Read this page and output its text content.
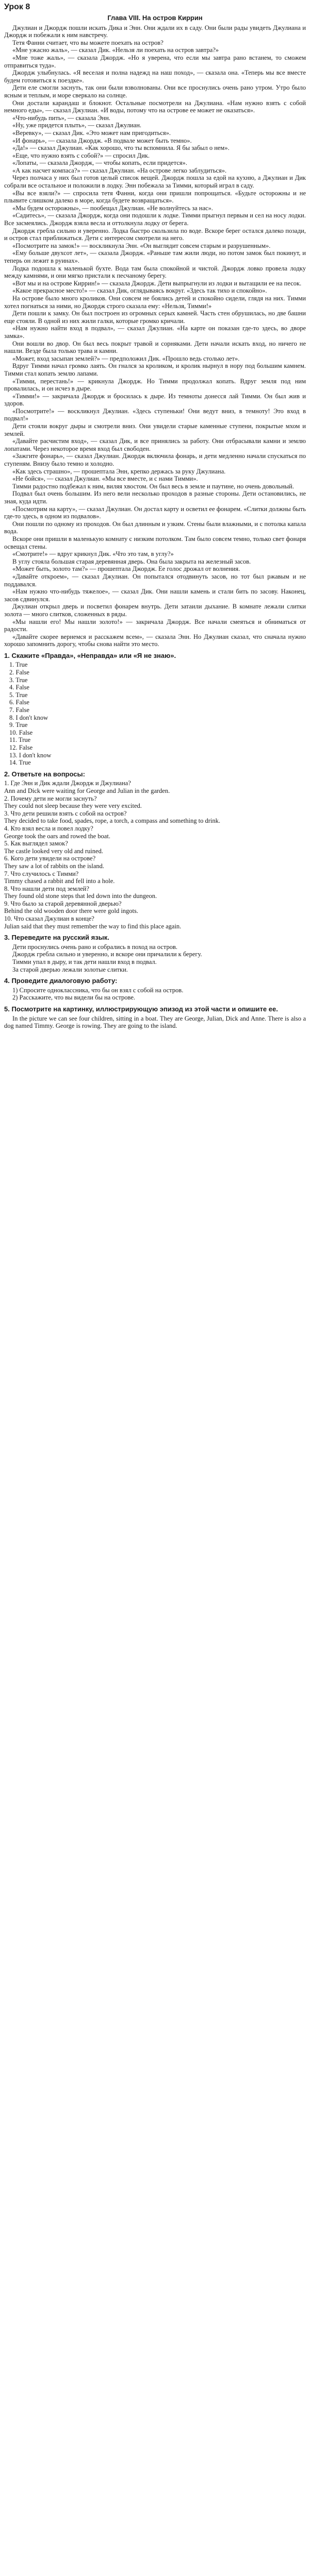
Урок 8
Глава VIII. На остров Киррин

Джулиан и Джордж пошли искать Дика и Энн. Они ждали их в саду. Они были рады увидеть Джулиана и Джордж и побежали к ним навстречу.

Тетя Фанни считает, что вы можете поехать на остров?

«Мне ужасно жаль», — сказал Дик. «Нельзя ли поехать на остров завтра?»

«Мне тоже жаль», — сказала Джордж. «Но я уверена, что если мы завтра рано встанем, то сможем отправиться туда».

Джордж улыбнулась. «Я веселая и полна надежд на наш поход», — сказала она. «Теперь мы все вместе будем готовиться к поездке».

Дети еле смогли заснуть, так они были взволнованы. Они все проснулись очень рано утром. Утро было ясным и теплым, и море сверкало на солнце.

Они достали карандаш и блокнот. Остальные посмотрели на Джулиана. «Нам нужно взять с собой немного еды», — сказал Джулиан. «И воды, потому что на острове ее может не оказаться».

«Что-нибудь пить», — сказала Энн.

«Ну, уже придется плыть», — сказал Джулиан.

«Веревку», — сказал Дик. «Это может нам пригодиться».

«И фонарь», — сказала Джордж. «В подвале может быть темно».

«Да!» — сказал Джулиан. «Как хорошо, что ты вспомнила. Я бы забыл о нем».

«Еще, что нужно взять с собой?» — спросил Дик.

«Лопаты, — сказала Джордж, — чтобы копать, если придется».

«А как насчет компаса?» — сказал Джулиан. «На острове легко заблудиться».

Через полчаса у них был готов целый список вещей. Джордж пошла за едой на кухню, а Джулиан и Дик собрали все остальное и положили в лодку. Энн побежала за Тимми, который играл в саду.

«Вы все взяли?» — спросила тетя Фанни, когда они пришли попрощаться. «Будьте осторожны и не плывите слишком далеко в море, когда будете возвращаться».

«Мы будем осторожны», — пообещал Джулиан. «Не волнуйтесь за нас».

«Садитесь», — сказала Джордж, когда они подошли к лодке. Тимми прыгнул первым и сел на носу лодки. Все засмеялись. Джордж взяла весла и оттолкнула лодку от берега.

Джордж гребла сильно и уверенно. Лодка быстро скользила по воде. Вскоре берег остался далеко позади, и остров стал приближаться. Дети с интересом смотрели на него.

«Посмотрите на замок!» — воскликнула Энн. «Он выглядит совсем старым и разрушенным».

«Ему больше двухсот лет», — сказала Джордж. «Раньше там жили люди, но потом замок был покинут, и теперь он лежит в руинах».

Лодка подошла к маленькой бухте. Вода там была спокойной и чистой. Джордж ловко провела лодку между камнями, и они мягко пристали к песчаному берегу.

«Вот мы и на острове Киррин!» — сказала Джордж. Дети выпрыгнули из лодки и вытащили ее на песок.

«Какое прекрасное место!» — сказал Дик, оглядываясь вокруг. «Здесь так тихо и спокойно».

На острове было много кроликов. Они совсем не боялись детей и спокойно сидели, глядя на них. Тимми хотел погнаться за ними, но Джордж строго сказала ему: «Нельзя, Тимми!»

Дети пошли к замку. Он был построен из огромных серых камней. Часть стен обрушилась, но две башни еще стояли. В одной из них жили галки, которые громко кричали.

«Нам нужно найти вход в подвал», — сказал Джулиан. «На карте он показан где-то здесь, во дворе замка».

Они вошли во двор. Он был весь покрыт травой и сорняками. Дети начали искать вход, но ничего не нашли. Везде была только трава и камни.

«Может, вход засыпан землей?» — предположил Дик. «Прошло ведь столько лет».

Вдруг Тимми начал громко лаять. Он гнался за кроликом, и кролик нырнул в нору под большим камнем. Тимми стал копать землю лапами.

«Тимми, перестань!» — крикнула Джордж. Но Тимми продолжал копать. Вдруг земля под ним провалилась, и он исчез в дыре.

«Тимми!» — закричала Джордж и бросилась к дыре. Из темноты донесся лай Тимми. Он был жив и здоров.

«Посмотрите!» — воскликнул Джулиан. «Здесь ступеньки! Они ведут вниз, в темноту! Это вход в подвал!»

Дети стояли вокруг дыры и смотрели вниз. Они увидели старые каменные ступени, покрытые мхом и землей.

«Давайте расчистим вход», — сказал Дик, и все принялись за работу. Они отбрасывали камни и землю лопатами. Через некоторое время вход был свободен.

«Зажгите фонарь», — сказал Джулиан. Джордж включила фонарь, и дети медленно начали спускаться по ступеням. Внизу было темно и холодно.

«Как здесь страшно», — прошептала Энн, крепко держась за руку Джулиана.

«Не бойся», — сказал Джулиан. «Мы все вместе, и с нами Тимми».

Тимми радостно подбежал к ним, виляя хвостом. Он был весь в земле и паутине, но очень довольный.

Подвал был очень большим. Из него вели несколько проходов в разные стороны. Дети остановились, не зная, куда идти.

«Посмотрим на карту», — сказал Джулиан. Он достал карту и осветил ее фонарем. «Слитки должны быть где-то здесь, в одном из подвалов».

Они пошли по одному из проходов. Он был длинным и узким. Стены были влажными, и с потолка капала вода.

Вскоре они пришли в маленькую комнату с низким потолком. Там было совсем темно, только свет фонаря освещал стены.

«Смотрите!» — вдруг крикнул Дик. «Что это там, в углу?»

В углу стояла большая старая деревянная дверь. Она была закрыта на железный засов.

«Может быть, золото там?» — прошептала Джордж. Ее голос дрожал от волнения.

«Давайте откроем», — сказал Джулиан. Он попытался отодвинуть засов, но тот был ржавым и не поддавался.

«Нам нужно что-нибудь тяжелое», — сказал Дик. Они нашли камень и стали бить по засову. Наконец, засов сдвинулся.

Джулиан открыл дверь и посветил фонарем внутрь. Дети затаили дыхание. В комнате лежали слитки золота — много слитков, сложенных в ряды.

«Мы нашли его! Мы нашли золото!» — закричала Джордж. Все начали смеяться и обниматься от радости.

«Давайте скорее вернемся и расскажем всем», — сказала Энн. Но Джулиан сказал, что сначала нужно хорошо запомнить дорогу, чтобы снова найти это место.

1. Скажите «Правда», «Неправда» или «Я не знаю».
1. True
2. False
3. True
4. False
5. True
6. False
7. False
8. I don't know
9. True
10. False
11. True
12. False
13. I don't know
14. True
2. Ответьте на вопросы:

1. Где Энн и Дик ждали Джордж и Джулиана?

Ann and Dick were waiting for George and Julian in the garden.

2. Почему дети не могли заснуть?

They could not sleep because they were very excited.

3. Что дети решили взять с собой на остров?

They decided to take food, spades, rope, a torch, a compass and something to drink.

4. Кто взял весла и повел лодку?

George took the oars and rowed the boat.

5. Как выглядел замок?

The castle looked very old and ruined.

6. Кого дети увидели на острове?

They saw a lot of rabbits on the island.

7. Что случилось с Тимми?

Timmy chased a rabbit and fell into a hole.

8. Что нашли дети под землей?

They found old stone steps that led down into the dungeon.

9. Что было за старой деревянной дверью?

Behind the old wooden door there were gold ingots.

10. Что сказал Джулиан в конце?

Julian said that they must remember the way to find this place again.

3. Переведите на русский язык.

Дети проснулись очень рано и собрались в поход на остров.

Джордж гребла сильно и уверенно, и вскоре они причалили к берегу.

Тимми упал в дыру, и так дети нашли вход в подвал.

За старой дверью лежали золотые слитки.

4. Проведите диалоговую работу:

1) Спросите одноклассника, что бы он взял с собой на остров.

2) Расскажите, что вы видели бы на острове.

5. Посмотрите на картинку, иллюстрирующую эпизод из этой части и опишите ее.

In the picture we can see four children, sitting in a boat. They are George, Julian, Dick and Anne. There is also a dog named Timmy. George is rowing. They are going to the island.
